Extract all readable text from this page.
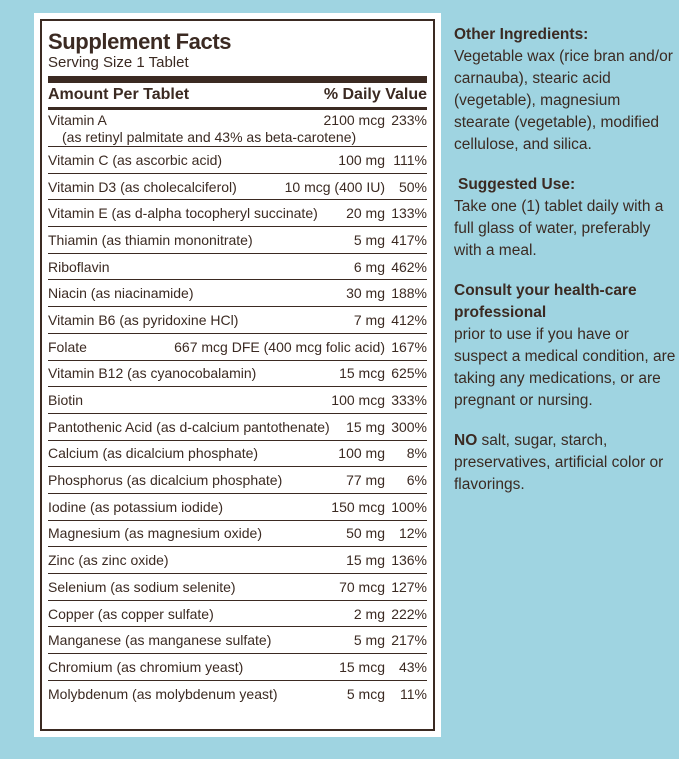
Supplement Facts
Serving Size 1 Tablet
Amount Per Tablet	% Daily Value
Vitamin A	2100 mcg 233%
(as retinyl palmitate and 43% as beta-carotene)
Vitamin C (as ascorbic acid)	100 mg 111%
Vitamin D3 (as cholecalciferol)	10 mcg (400 IU) 50%
Vitamin E (as d-alpha tocopheryl succinate)	20 mg 133%
Thiamin (as thiamin mononitrate)	5 mg 417%
Riboflavin	6 mg 462%
Niacin (as niacinamide)	30 mg 188%
Vitamin B6 (as pyridoxine HCl)	7 mg 412%
Folate	667 mcg DFE (400 mcg folic acid) 167%
Vitamin B12 (as cyanocobalamin)	15 mcg 625%
Biotin	100 mcg 333%
Pantothenic Acid (as d-calcium pantothenate)	15 mg 300%
Calcium (as dicalcium phosphate)	100 mg	8%
Phosphorus (as dicalcium phosphate)	77 mg	6%
Iodine (as potassium iodide)	150 mcg 100%
Magnesium (as magnesium oxide)	50 mg 12%
Zinc (as zinc oxide)	15 mg 136%
Selenium (as sodium selenite)	70 mcg 127%
Copper (as copper sulfate)	2 mg 222%
Manganese (as manganese sulfate)	5 mg 217%
Chromium (as chromium yeast)	15 mcg 43%
Molybdenum (as molybdenum yeast)	5 mcg	11%
Other Ingredients:
Vegetable wax (rice bran and/or carnauba), stearic acid (vegetable), magnesium stearate (vegetable), modified cellulose, and silica.
Suggested Use:
Take one (1) tablet daily with a full glass of water, preferably with a meal.
Consult your health-care professional
prior to use if you have or suspect a medical condition, are taking any medications, or are pregnant or nursing.
NO salt, sugar, starch, preservatives, artificial color or flavorings.
